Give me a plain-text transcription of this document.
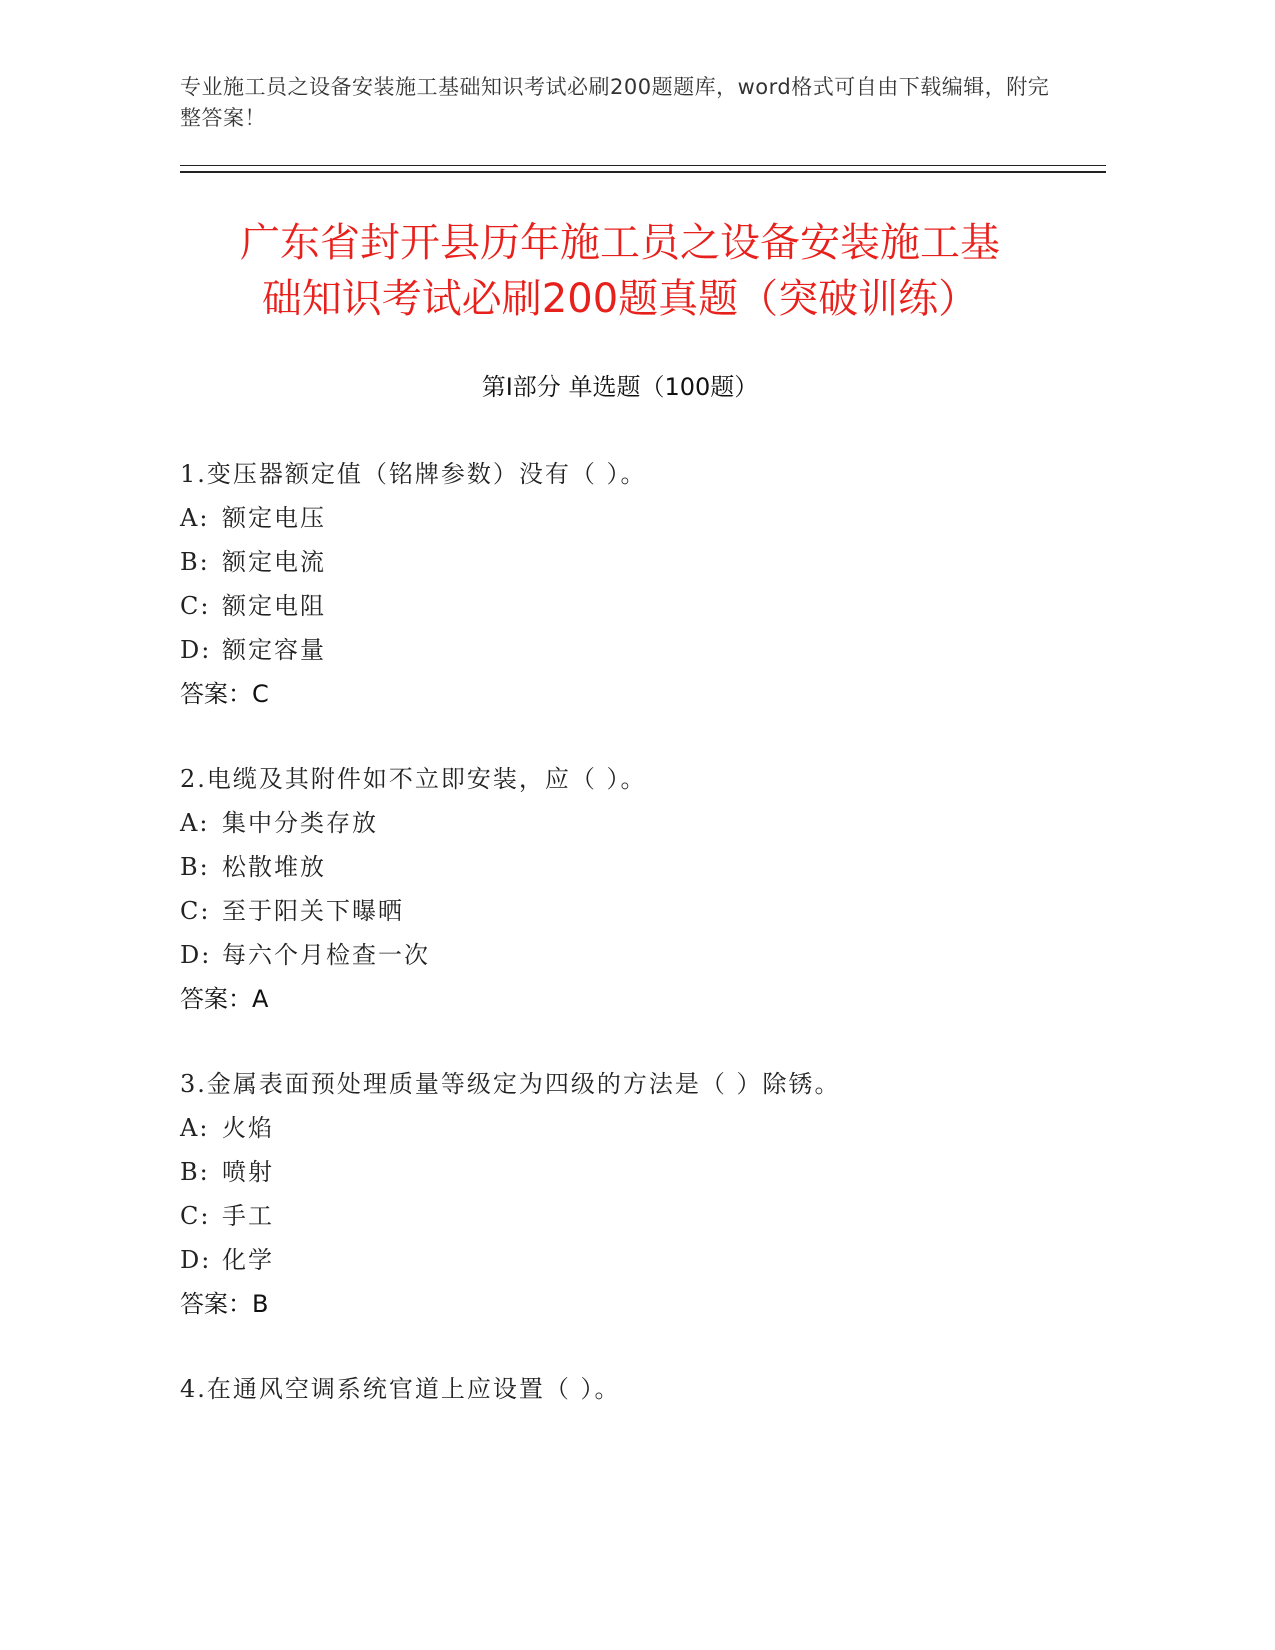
专业施工员之设备安装施工基础知识考试必刷200题题库，word格式可自由下载编辑，附完整答案！
广东省封开县历年施工员之设备安装施工基
础知识考试必刷200题真题（突破训练）
第Ⅰ部分 单选题（100题）
1.变压器额定值（铭牌参数）没有（ ）。
A: 额定电压
B: 额定电流
C: 额定电阻
D: 额定容量
答案：C
2.电缆及其附件如不立即安装，应（ ）。
A: 集中分类存放
B: 松散堆放
C: 至于阳关下曝晒
D: 每六个月检查一次
答案：A
3.金属表面预处理质量等级定为四级的方法是（ ）除锈。
A: 火焰
B: 喷射
C: 手工
D: 化学
答案：B
4.在通风空调系统官道上应设置（ ）。
